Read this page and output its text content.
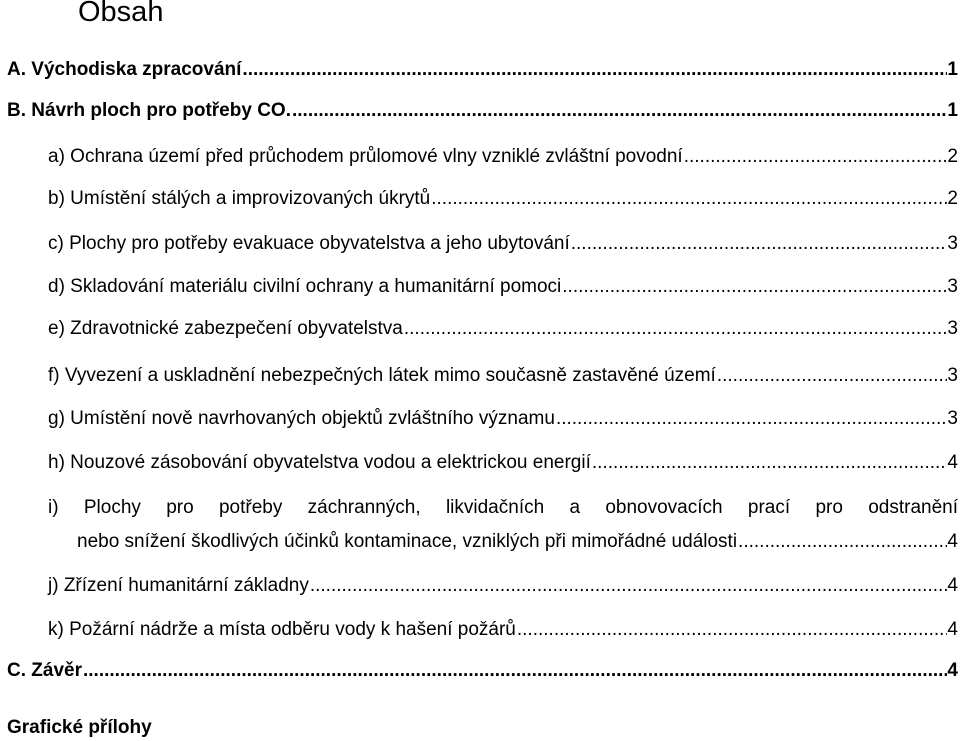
Obsah
A. Východiska zpracování .....	1
B. Návrh ploch pro potřeby CO. .....	1
a) Ochrana území před průchodem průlomové vlny vzniklé zvláštní povodní .....	2
b) Umístění stálých a improvizovaných úkrytů .....	2
c) Plochy pro potřeby evakuace obyvatelstva a jeho ubytování .....	3
d) Skladování materiálu civilní ochrany a humanitární pomoci .....	3
e) Zdravotnické zabezpečení obyvatelstva .....	3
f) Vyvezení a uskladnění nebezpečných látek mimo současně zastavěné území .....	3
g) Umístění nově navrhovaných objektů zvláštního významu .....	3
h) Nouzové zásobování obyvatelstva vodou a elektrickou energií .....	4
i) Plochy pro potřeby záchranných, likvidačních a obnovovacích prací pro odstranění
nebo snížení škodlivých účinků kontaminace, vzniklých při mimořádné události .....	4
j) Zřízení humanitární základny .....	4
k) Požární nádrže a místa odběru vody k hašení požárů .....	4
C. Závěr .....	4
Grafické přílohy
